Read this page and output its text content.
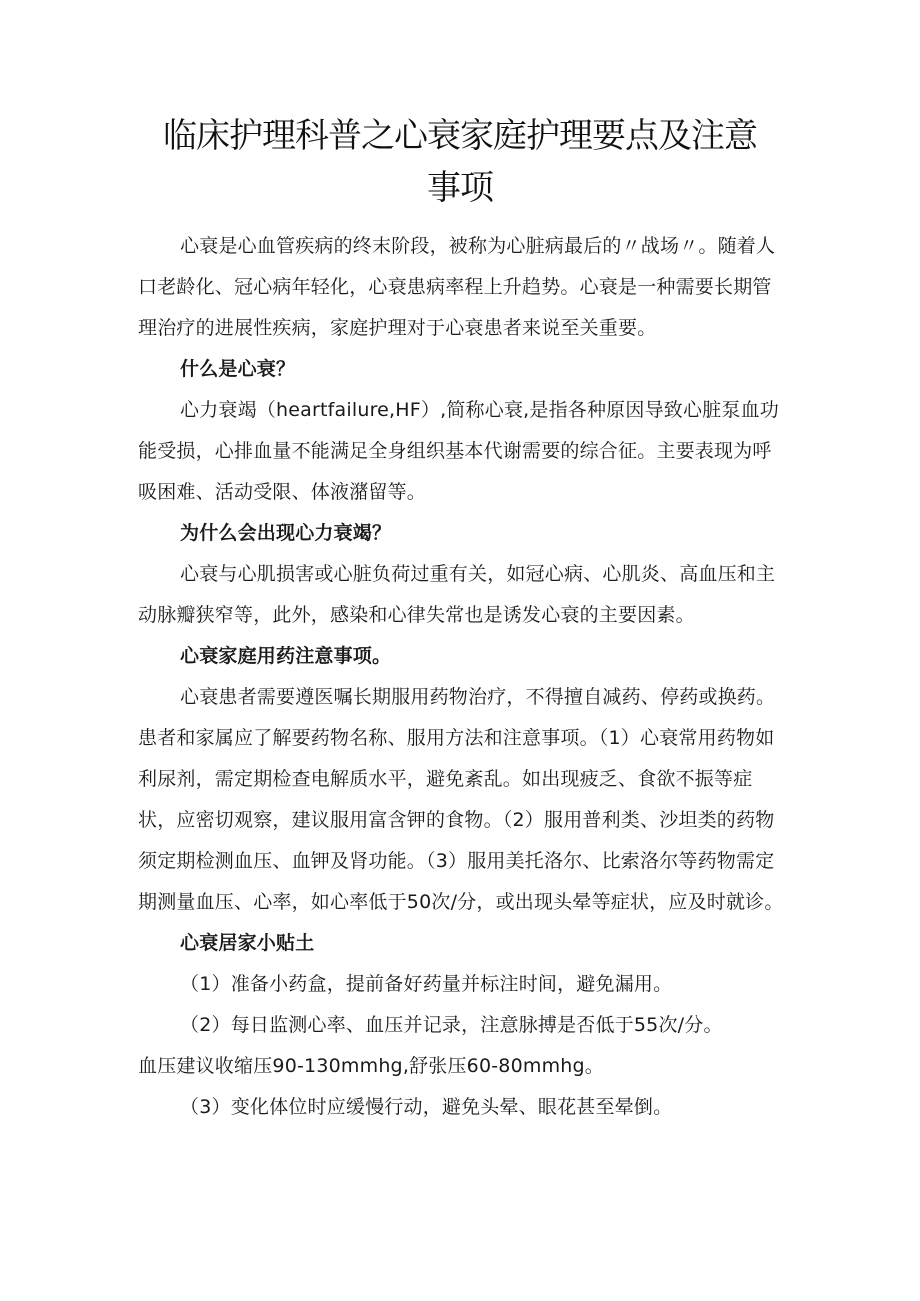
临床护理科普之心衰家庭护理要点及注意
事项

心衰是心血管疾病的终末阶段，被称为心脏病最后的〃战场〃。随着人口老龄化、冠心病年轻化，心衰患病率程上升趋势。心衰是一种需要长期管理治疗的进展性疾病，家庭护理对于心衰患者来说至关重要。

什么是心衰？

心力衰竭（heartfailure,HF）,简称心衰,是指各种原因导致心脏泵血功能受损，心排血量不能满足全身组织基本代谢需要的综合征。主要表现为呼吸困难、活动受限、体液潴留等。

为什么会出现心力衰竭？

心衰与心肌损害或心脏负荷过重有关，如冠心病、心肌炎、高血压和主动脉瓣狭窄等，此外，感染和心律失常也是诱发心衰的主要因素。

心衰家庭用药注意事项。

心衰患者需要遵医嘱长期服用药物治疗，不得擅自减药、停药或换药。患者和家属应了解要药物名称、服用方法和注意事项。（1）心衰常用药物如利尿剂，需定期检查电解质水平，避免紊乱。如出现疲乏、食欲不振等症状，应密切观察，建议服用富含钾的食物。（2）服用普利类、沙坦类的药物须定期检测血压、血钾及肾功能。（3）服用美托洛尔、比索洛尔等药物需定期测量血压、心率，如心率低于50次/分，或出现头晕等症状，应及时就诊。

心衰居家小贴土

（1）准备小药盒，提前备好药量并标注时间，避免漏用。

（2）每日监测心率、血压并记录，注意脉搏是否低于55次/分。

血压建议收缩压90-130mmhg,舒张压60-80mmhg。

（3）变化体位时应缓慢行动，避免头晕、眼花甚至晕倒。
